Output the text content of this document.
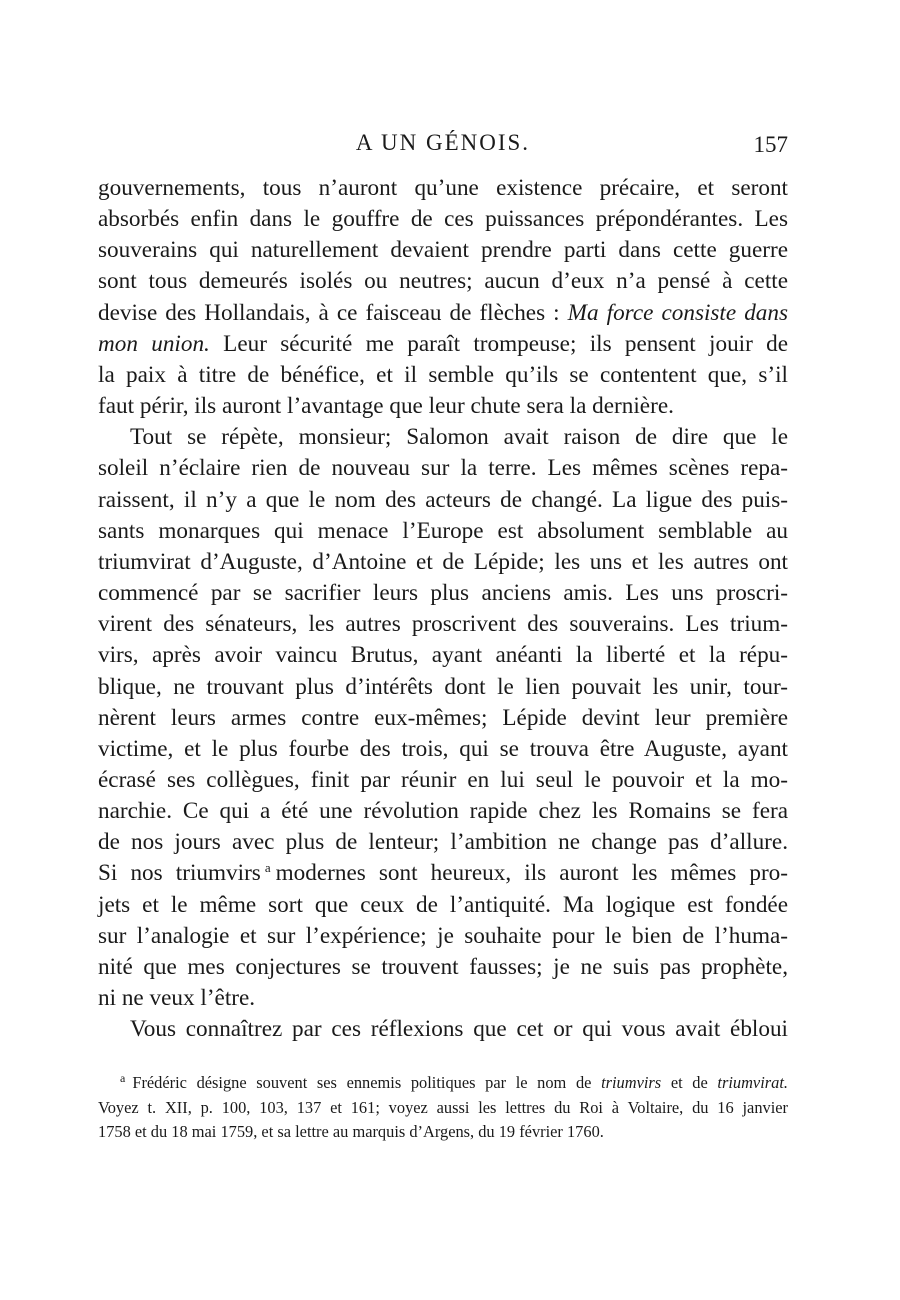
A UN GÉNOIS.	157
gouvernements, tous n’auront qu’une existence précaire, et seront
absorbés enfin dans le gouffre de ces puissances prépondérantes. Les
souverains qui naturellement devaient prendre parti dans cette guerre
sont tous demeurés isolés ou neutres; aucun d’eux n’a pensé à cette
devise des Hollandais, à ce faisceau de flèches : Ma force consiste dans
mon union. Leur sécurité me paraît trompeuse; ils pensent jouir de
la paix à titre de bénéfice, et il semble qu’ils se contentent que, s’il
faut périr, ils auront l’avantage que leur chute sera la dernière.
Tout se répète, monsieur; Salomon avait raison de dire que le
soleil n’éclaire rien de nouveau sur la terre. Les mêmes scènes repa-
raissent, il n’y a que le nom des acteurs de changé. La ligue des puis-
sants monarques qui menace l’Europe est absolument semblable au
triumvirat d’Auguste, d’Antoine et de Lépide; les uns et les autres ont
commencé par se sacrifier leurs plus anciens amis. Les uns proscri-
virent des sénateurs, les autres proscrivent des souverains. Les trium-
virs, après avoir vaincu Brutus, ayant anéanti la liberté et la répu-
blique, ne trouvant plus d’intérêts dont le lien pouvait les unir, tour-
nèrent leurs armes contre eux-mêmes; Lépide devint leur première
victime, et le plus fourbe des trois, qui se trouva être Auguste, ayant
écrasé ses collègues, finit par réunir en lui seul le pouvoir et la mo-
narchie. Ce qui a été une révolution rapide chez les Romains se fera
de nos jours avec plus de lenteur; l’ambition ne change pas d’allure.
Si nos triumvirs $^a$ modernes sont heureux, ils auront les mêmes pro-
jets et le même sort que ceux de l’antiquité. Ma logique est fondée
sur l’analogie et sur l’expérience; je souhaite pour le bien de l’huma-
nité que mes conjectures se trouvent fausses; je ne suis pas prophète,
ni ne veux l’être.
Vous connaîtrez par ces réflexions que cet or qui vous avait ébloui
$^a$ Frédéric désigne souvent ses ennemis politiques par le nom de triumvirs et de triumvirat.
Voyez t. XII, p. 100, 103, 137 et 161; voyez aussi les lettres du Roi à Voltaire, du 16 janvier
1758 et du 18 mai 1759, et sa lettre au marquis d’Argens, du 19 février 1760.
